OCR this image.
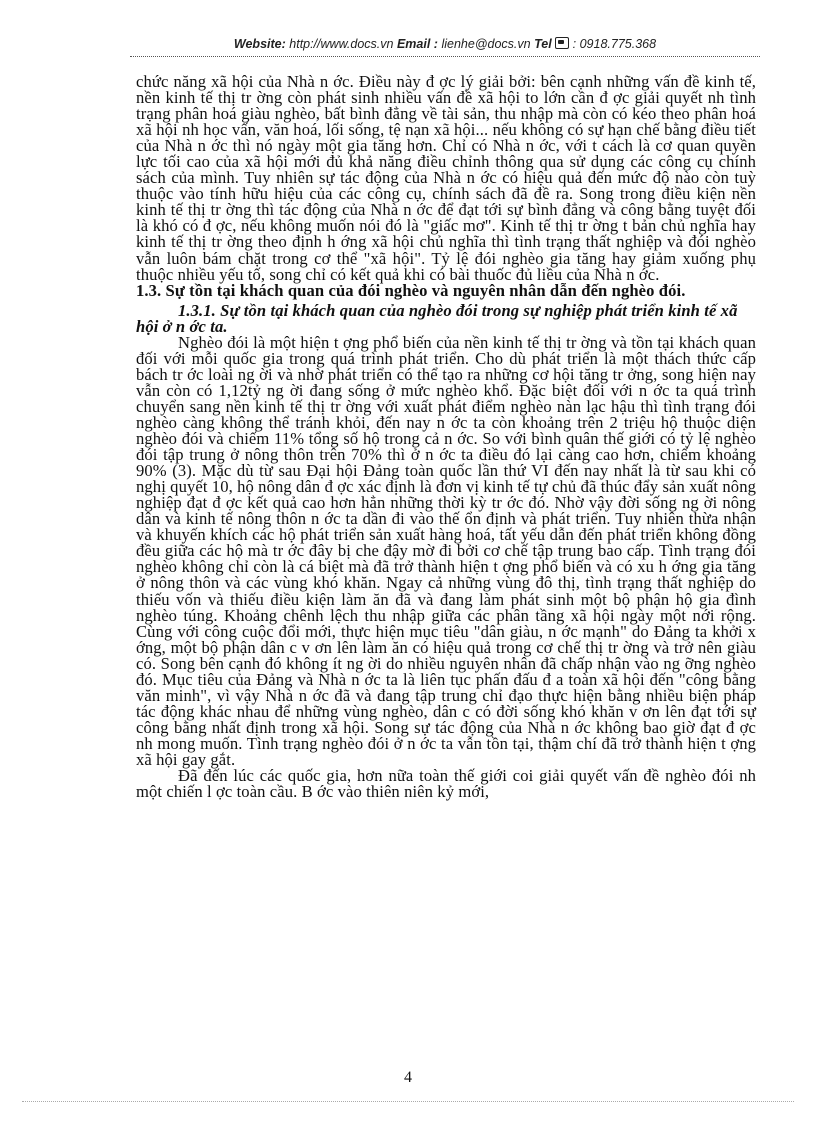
Website: http://www.docs.vn Email : lienhe@docs.vn Tel : 0918.775.368

chức năng xã hội của Nhà n ớc. Điều này đ ợc lý giải bởi: bên cạnh những vấn đề kinh tế, nền kinh tế thị tr ờng còn phát sinh nhiều vấn đề xã hội to lớn cần đ ợc giải quyết nh tình trạng phân hoá giàu nghèo, bất bình đẳng về tài sản, thu nhập mà còn có kéo theo phân hoá xã hội nh học vấn, văn hoá, lối sống, tệ nạn xã hội... nếu không có sự hạn chế bằng điều tiết của Nhà n ớc thì nó ngày một gia tăng hơn. Chỉ có Nhà n ớc, với t cách là cơ quan quyền lực tối cao của xã hội mới đủ khả năng điều chỉnh thông qua sử dụng các công cụ chính sách của mình. Tuy nhiên sự tác động của Nhà n ớc có hiệu quả đến mức độ nào còn tuỳ thuộc vào tính hữu hiệu của các công cụ, chính sách đã đề ra. Song trong điều kiện nền kinh tế thị tr ờng thì tác động của Nhà n ớc để đạt tới sự bình đẳng và công bằng tuyệt đối là khó có đ ợc, nếu không muốn nói đó là "giấc mơ". Kinh tế thị tr ờng t bản chủ nghĩa hay kinh tế thị tr ờng theo định h ớng xã hội chủ nghĩa thì tình trạng thất nghiệp và đói nghèo vẫn luôn bám chặt trong cơ thể "xã hội". Tỷ lệ đói nghèo gia tăng hay giảm xuống phụ thuộc nhiều yếu tố, song chỉ có kết quả khi có bài thuốc đủ liều của Nhà n ớc.

1.3. Sự tồn tại khách quan của đói nghèo và nguyên nhân dẫn đến nghèo đói.

1.3.1. Sự tồn tại khách quan của nghèo đói trong sự nghiệp phát triển kinh tế xã hội ở n ớc ta.

Nghèo đói là một hiện t ợng phổ biến của nền kinh tế thị tr ờng và tồn tại khách quan đối với mỗi quốc gia trong quá trình phát triển. Cho dù phát triển là một thách thức cấp bách tr ớc loài ng ời và nhờ phát triển có thể tạo ra những cơ hội tăng tr ởng, song hiện nay vẫn còn có 1,12tỷ ng ời đang sống ở mức nghèo khổ. Đặc biệt đối với n ớc ta quá trình chuyển sang nền kinh tế thị tr ờng với xuất phát điểm nghèo nàn lạc hậu thì tình trạng đói nghèo càng không thể tránh khỏi, đến nay n ớc ta còn khoảng trên 2 triệu hộ thuộc diện nghèo đói và chiếm 11% tổng số hộ trong cả n ớc. So với bình quân thế giới có tỷ lệ nghèo đói tập trung ở nông thôn trên 70% thì ở n ớc ta điều đó lại càng cao hơn, chiếm khoảng 90% (3). Mặc dù từ sau Đại hội Đảng toàn quốc lần thứ VI đến nay nhất là từ sau khi có nghị quyết 10, hộ nông dân đ ợc xác định là đơn vị kinh tế tự chủ đã thúc đẩy sản xuất nông nghiệp đạt đ ợc kết quả cao hơn hẳn những thời kỳ tr ớc đó. Nhờ vậy đời sống ng ời nông dân và kinh tế nông thôn n ớc ta dần đi vào thế ổn định và phát triển. Tuy nhiên thừa nhận và khuyến khích các hộ phát triển sản xuất hàng hoá, tất yếu dẫn đến phát triển không đồng đều giữa các hộ mà tr ớc đây bị che đậy mờ đi bởi cơ chế tập trung bao cấp. Tình trạng đói nghèo không chỉ còn là cá biệt mà đã trở thành hiện t ợng phổ biến và có xu h ớng gia tăng ở nông thôn và các vùng khó khăn. Ngay cả những vùng đô thị, tình trạng thất nghiệp do thiếu vốn và thiếu điều kiện làm ăn đã và đang làm phát sinh một bộ phận hộ gia đình nghèo túng. Khoảng chênh lệch thu nhập giữa các phân tầng xã hội ngày một nới rộng. Cùng với công cuộc đổi mới, thực hiện mục tiêu "dân giàu, n ớc mạnh" do Đảng ta khởi x ớng, một bộ phận dân c v ơn lên làm ăn có hiệu quả trong cơ chế thị tr ờng và trở nên giàu có. Song bên cạnh đó không ít ng ời do nhiều nguyên nhân đã chấp nhận vào ng ỡng nghèo đó. Mục tiêu của Đảng và Nhà n ớc ta là liên tục phấn đấu đ a toàn xã hội đến "công bằng văn minh", vì vậy Nhà n ớc đã và đang tập trung chỉ đạo thực hiện bằng nhiều biện pháp tác động khác nhau để những vùng nghèo, dân c có đời sống khó khăn v ơn lên đạt tới sự công bằng nhất định trong xã hội. Song sự tác động của Nhà n ớc không bao giờ đạt đ ợc nh mong muốn. Tình trạng nghèo đói ở n ớc ta vẫn tồn tại, thậm chí đã trở thành hiện t ợng xã hội gay gắt.

Đã đến lúc các quốc gia, hơn nữa toàn thế giới coi giải quyết vấn đề nghèo đói nh một chiến l ợc toàn cầu. B ớc vào thiên niên kỷ mới,

4
